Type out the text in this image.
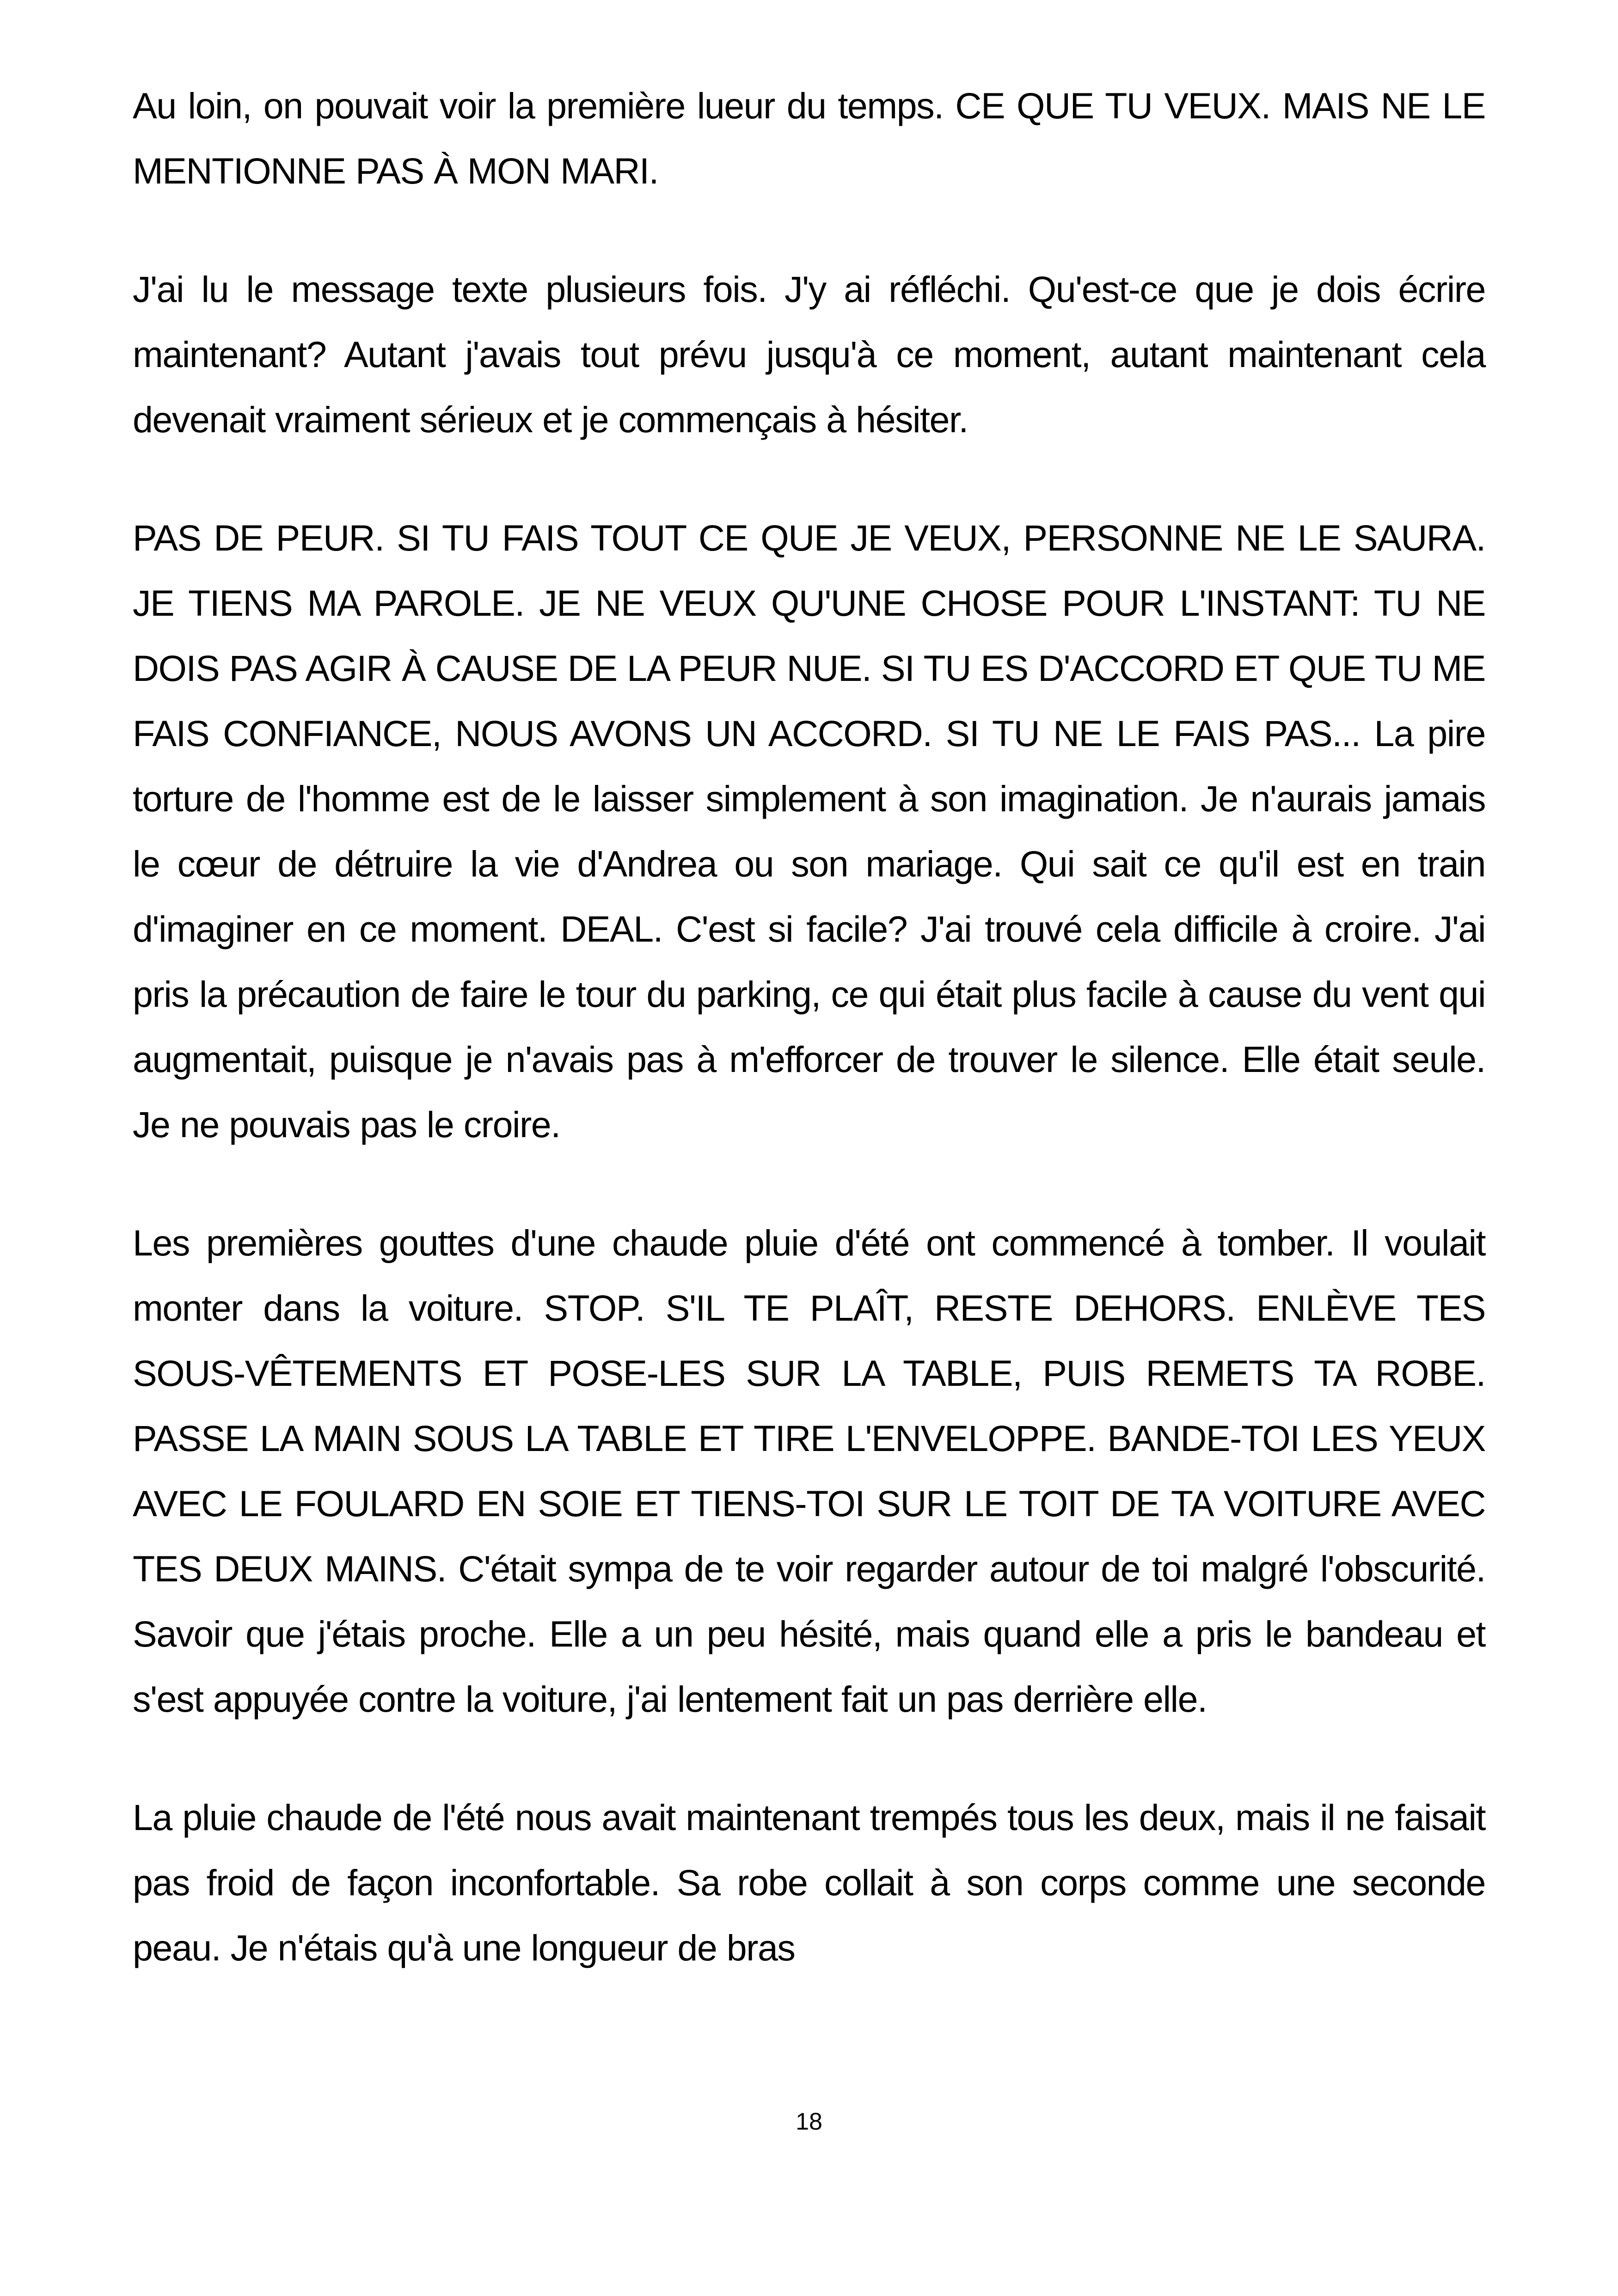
Au loin, on pouvait voir la première lueur du temps. CE QUE TU VEUX. MAIS NE LE MENTIONNE PAS À MON MARI.

J'ai lu le message texte plusieurs fois. J'y ai réfléchi. Qu'est-ce que je dois écrire maintenant? Autant j'avais tout prévu jusqu'à ce moment, autant maintenant cela devenait vraiment sérieux et je commençais à hésiter.

PAS DE PEUR. SI TU FAIS TOUT CE QUE JE VEUX, PERSONNE NE LE SAURA. JE TIENS MA PAROLE. JE NE VEUX QU'UNE CHOSE POUR L'INSTANT: TU NE DOIS PAS AGIR À CAUSE DE LA PEUR NUE. SI TU ES D'ACCORD ET QUE TU ME FAIS CONFIANCE, NOUS AVONS UN ACCORD. SI TU NE LE FAIS PAS... La pire torture de l'homme est de le laisser simplement à son imagination. Je n'aurais jamais le cœur de détruire la vie d'Andrea ou son mariage. Qui sait ce qu'il est en train d'imaginer en ce moment. DEAL. C'est si facile? J'ai trouvé cela difficile à croire. J'ai pris la précaution de faire le tour du parking, ce qui était plus facile à cause du vent qui augmentait, puisque je n'avais pas à m'efforcer de trouver le silence. Elle était seule. Je ne pouvais pas le croire.

Les premières gouttes d'une chaude pluie d'été ont commencé à tomber. Il voulait monter dans la voiture. STOP. S'IL TE PLAÎT, RESTE DEHORS. ENLÈVE TES SOUS-VÊTEMENTS ET POSE-LES SUR LA TABLE, PUIS REMETS TA ROBE. PASSE LA MAIN SOUS LA TABLE ET TIRE L'ENVELOPPE. BANDE-TOI LES YEUX AVEC LE FOULARD EN SOIE ET TIENS-TOI SUR LE TOIT DE TA VOITURE AVEC TES DEUX MAINS. C'était sympa de te voir regarder autour de toi malgré l'obscurité. Savoir que j'étais proche. Elle a un peu hésité, mais quand elle a pris le bandeau et s'est appuyée contre la voiture, j'ai lentement fait un pas derrière elle.

La pluie chaude de l'été nous avait maintenant trempés tous les deux, mais il ne faisait pas froid de façon inconfortable. Sa robe collait à son corps comme une seconde peau. Je n'étais qu'à une longueur de bras

18
